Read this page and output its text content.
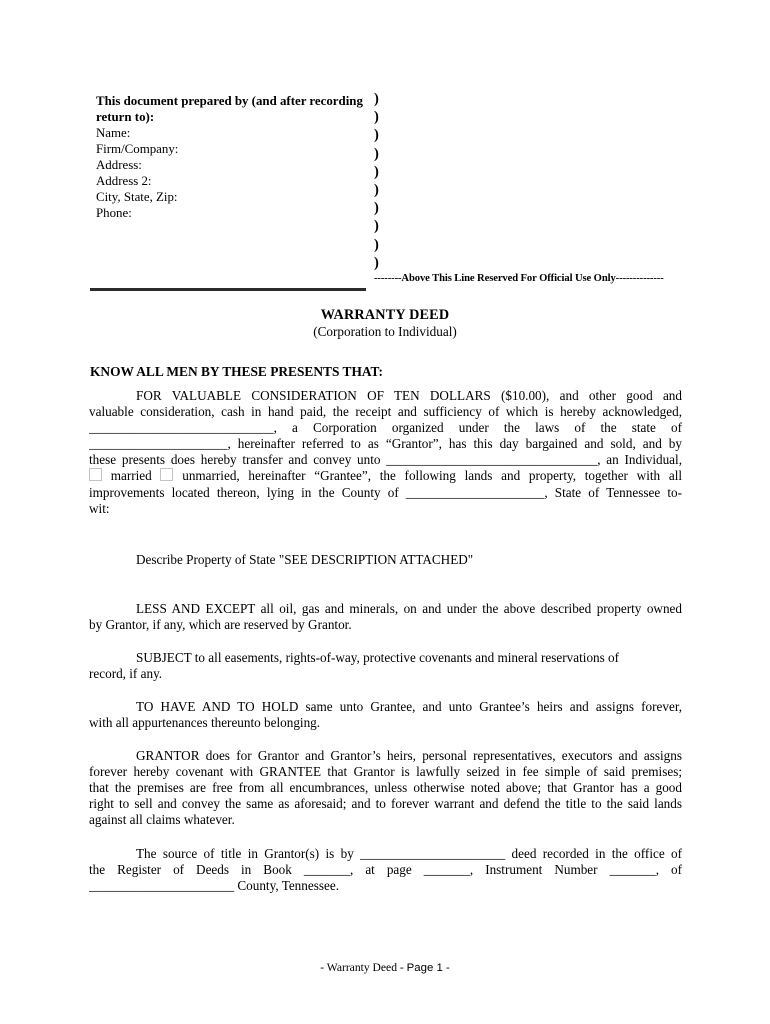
This document prepared by (and after recording
return to):
Name:
Firm/Company:
Address:
Address 2:
City, State, Zip:
Phone:
)
)
)
)
)
)
)
)
)
)
--------Above This Line Reserved For Official Use Only--------------
WARRANTY DEED
(Corporation to Individual)
KNOW ALL MEN BY THESE PRESENTS THAT:
FOR VALUABLE CONSIDERATION OF TEN DOLLARS ($10.00), and other good and
valuable consideration, cash in hand paid, the receipt and sufficiency of which is hereby acknowledged,
____________________________, a Corporation organized under the laws of the state of
_____________________, hereinafter referred to as “Grantor”, has this day bargained and sold, and by
these presents does hereby transfer and convey unto ________________________________, an Individual,
married unmarried, hereinafter “Grantee”, the following lands and property, together with all
improvements located thereon, lying in the County of _____________________, State of Tennessee to-
wit:
Describe Property of State "SEE DESCRIPTION ATTACHED"
LESS AND EXCEPT all oil, gas and minerals, on and under the above described property owned
by Grantor, if any, which are reserved by Grantor.
SUBJECT to all easements, rights-of-way, protective covenants and mineral reservations of
record, if any.
TO HAVE AND TO HOLD same unto Grantee, and unto Grantee’s heirs and assigns forever,
with all appurtenances thereunto belonging.
GRANTOR does for Grantor and Grantor’s heirs, personal representatives, executors and assigns
forever hereby covenant with GRANTEE that Grantor is lawfully seized in fee simple of said premises;
that the premises are free from all encumbrances, unless otherwise noted above; that Grantor has a good
right to sell and convey the same as aforesaid; and to forever warrant and defend the title to the said lands
against all claims whatever.
The source of title in Grantor(s) is by ______________________ deed recorded in the office of
the Register of Deeds in Book _______, at page _______, Instrument Number _______, of
______________________ County, Tennessee.
- Warranty Deed - Page 1 -
